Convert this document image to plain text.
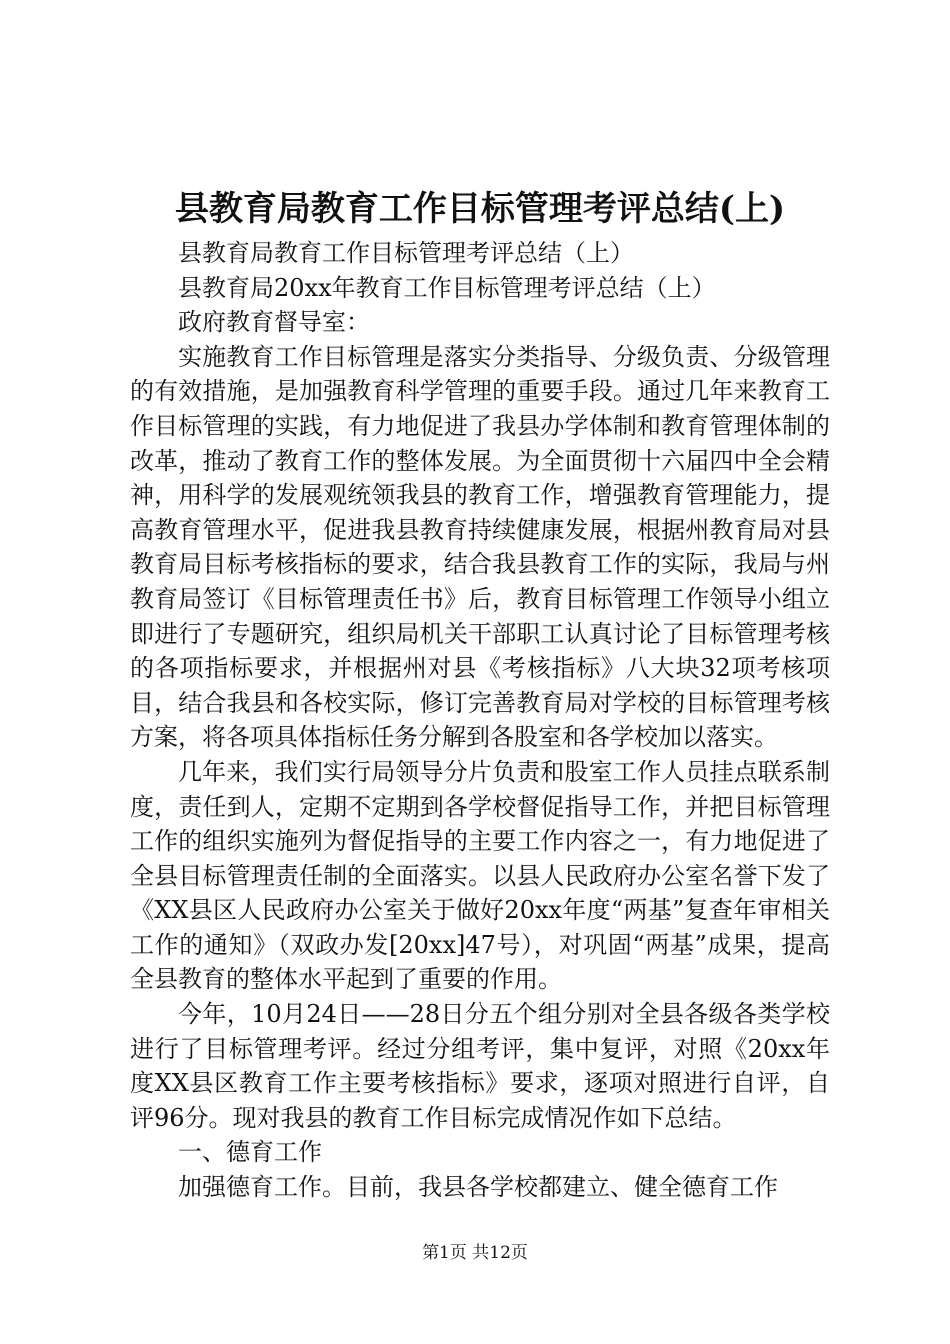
县教育局教育工作目标管理考评总结(上)

县教育局教育工作目标管理考评总结（上）

县教育局20xx年教育工作目标管理考评总结（上）

政府教育督导室：

实施教育工作目标管理是落实分类指导、分级负责、分级管理的有效措施，是加强教育科学管理的重要手段。通过几年来教育工作目标管理的实践，有力地促进了我县办学体制和教育管理体制的改革，推动了教育工作的整体发展。为全面贯彻十六届四中全会精神，用科学的发展观统领我县的教育工作，增强教育管理能力，提高教育管理水平，促进我县教育持续健康发展，根据州教育局对县教育局目标考核指标的要求，结合我县教育工作的实际，我局与州教育局签订《目标管理责任书》后，教育目标管理工作领导小组立即进行了专题研究，组织局机关干部职工认真讨论了目标管理考核的各项指标要求，并根据州对县《考核指标》八大块32项考核项目，结合我县和各校实际，修订完善教育局对学校的目标管理考核方案，将各项具体指标任务分解到各股室和各学校加以落实。

几年来，我们实行局领导分片负责和股室工作人员挂点联系制度，责任到人，定期不定期到各学校督促指导工作，并把目标管理工作的组织实施列为督促指导的主要工作内容之一，有力地促进了全县目标管理责任制的全面落实。以县人民政府办公室名誉下发了《XX县区人民政府办公室关于做好20xx年度“两基”复查年审相关工作的通知》（双政办发[20xx]47号），对巩固“两基”成果，提高全县教育的整体水平起到了重要的作用。

今年，10月24日——28日分五个组分别对全县各级各类学校进行了目标管理考评。经过分组考评，集中复评，对照《20xx年度XX县区教育工作主要考核指标》要求，逐项对照进行自评，自评96分。现对我县的教育工作目标完成情况作如下总结。

一、德育工作

加强德育工作。目前，我县各学校都建立、健全德育工作

第1页 共12页
